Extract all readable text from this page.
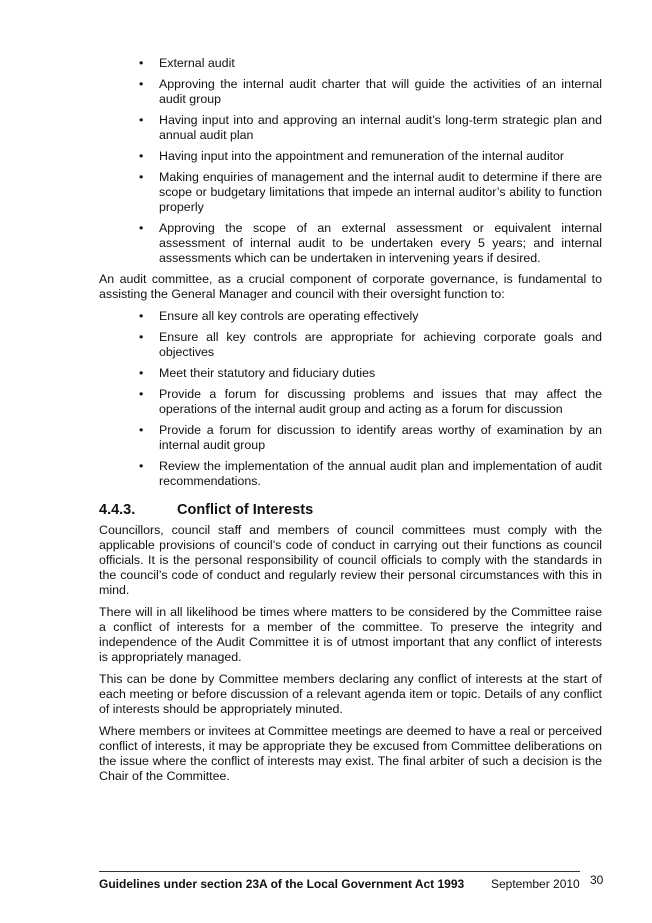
•	External audit
•	Approving the internal audit charter that will guide the activities of an internal audit group
•	Having input into and approving an internal audit’s long-term strategic plan and annual audit plan
•	Having input into the appointment and remuneration of the internal auditor
•	Making enquiries of management and the internal audit to determine if there are scope or budgetary limitations that impede an internal auditor’s ability to function properly
•	Approving the scope of an external assessment or equivalent internal assessment of internal audit to be undertaken every 5 years; and internal assessments which can be undertaken in intervening years if desired.

An audit committee, as a crucial component of corporate governance, is fundamental to assisting the General Manager and council with their oversight function to:

•	Ensure all key controls are operating effectively
•	Ensure all key controls are appropriate for achieving corporate goals and objectives
•	Meet their statutory and fiduciary duties
•	Provide a forum for discussing problems and issues that may affect the operations of the internal audit group and acting as a forum for discussion
•	Provide a forum for discussion to identify areas worthy of examination by an internal audit group
•	Review the implementation of the annual audit plan and implementation of audit recommendations.
4.4.3.	Conflict of Interests

Councillors, council staff and members of council committees must comply with the applicable provisions of council’s code of conduct in carrying out their functions as council officials. It is the personal responsibility of council officials to comply with the standards in the council’s code of conduct and regularly review their personal circumstances with this in mind.

There will in all likelihood be times where matters to be considered by the Committee raise a conflict of interests for a member of the committee. To preserve the integrity and independence of the Audit Committee it is of utmost important that any conflict of interests is appropriately managed.

This can be done by Committee members declaring any conflict of interests at the start of each meeting or before discussion of a relevant agenda item or topic. Details of any conflict of interests should be appropriately minuted.

Where members or invitees at Committee meetings are deemed to have a real or perceived conflict of interests, it may be appropriate they be excused from Committee deliberations on the issue where the conflict of interests may exist. The final arbiter of such a decision is the Chair of the Committee.

Guidelines under section 23A of the Local Government Act 1993 September 2010 30
